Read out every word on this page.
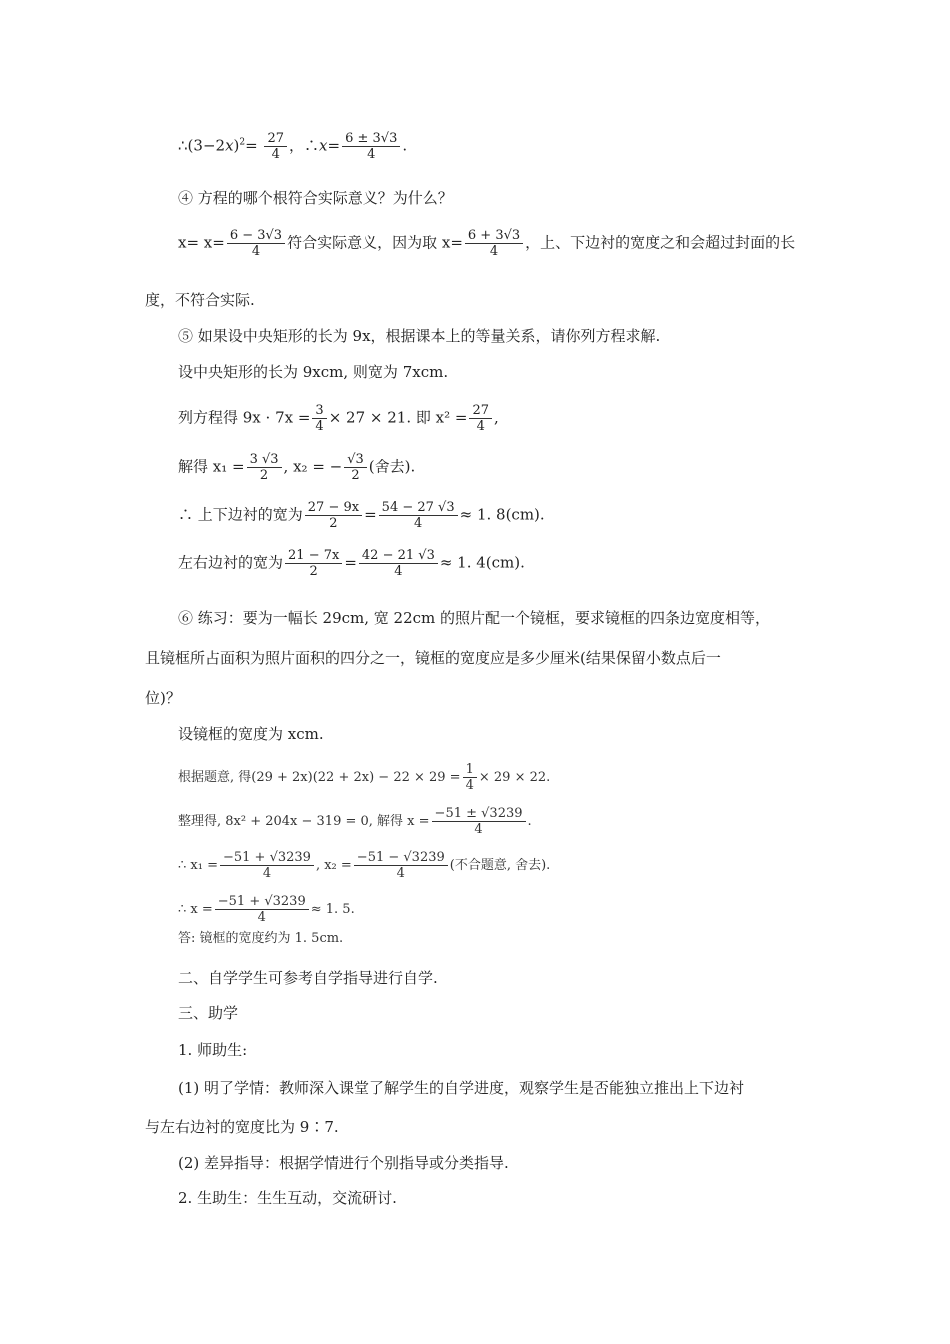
$\therefore(3-2x)^2= \frac{27}{4}$ ，∴x= $\frac{6 \pm 3√3}{4}$ .
④ 方程的哪个根符合实际意义？为什么？
$x= x= \frac{6 - 3√3}{4}$ 符合实际意义，因为取 $x= \frac{6 + 3√3}{4}$ ，上、下边衬的宽度之和会超过封面的长
度，不符合实际.
⑤ 如果设中央矩形的长为 9x，根据课本上的等量关系，请你列方程求解.
设中央矩形的长为 9xcm, 则宽为 7xcm.
列方程得 $9x \cdot 7x = \frac{3}{4} \times 27 \times 21$. 即 $x^2 = \frac{27}{4}$ ,
解得 $x_1 = \frac{3 √3}{2}$ , x₂ = − $\frac{√3}{2}$ (舍去).
∴ 上下边衬的宽为 $\frac{27 - 9x}{2} = \frac{54 - 27 √3}{4} \approx 1$. 8(cm).
左右边衬的宽为 $\frac{21 - 7x}{2} = \frac{42 - 21 √3}{4} \approx 1$. 4(cm).
⑥ 练习：要为一幅长 29cm, 宽 22cm 的照片配一个镜框，要求镜框的四条边宽度相等，
且镜框所占面积为照片面积的四分之一，镜框的宽度应是多少厘米(结果保留小数点后一
位)？
设镜框的宽度为 xcm.
根据题意, 得$(29 + 2x)(22 + 2x) - 22 \times 29 = \frac{1}{4} \times 29 \times 22$.
整理得, 8x² + 204x − 319 = 0, 解得 $x = \frac{-51 \pm √3239}{4}$ .
∴ $x_1 = \frac{-51 + √3239}{4}$ , $x_2 = \frac{-51 - √3239}{4}$ (不合题意, 舍去).
∴ $x = \frac{-51 + √3239}{4} \approx 1$. 5.
答: 镜框的宽度约为 1. 5cm.
二、自学学生可参考自学指导进行自学.
三、助学
1. 师助生:
(1) 明了学情：教师深入课堂了解学生的自学进度，观察学生是否能独立推出上下边衬
与左右边衬的宽度比为 9∶7.
(2) 差异指导：根据学情进行个别指导或分类指导.
2. 生助生：生生互动，交流研讨.
